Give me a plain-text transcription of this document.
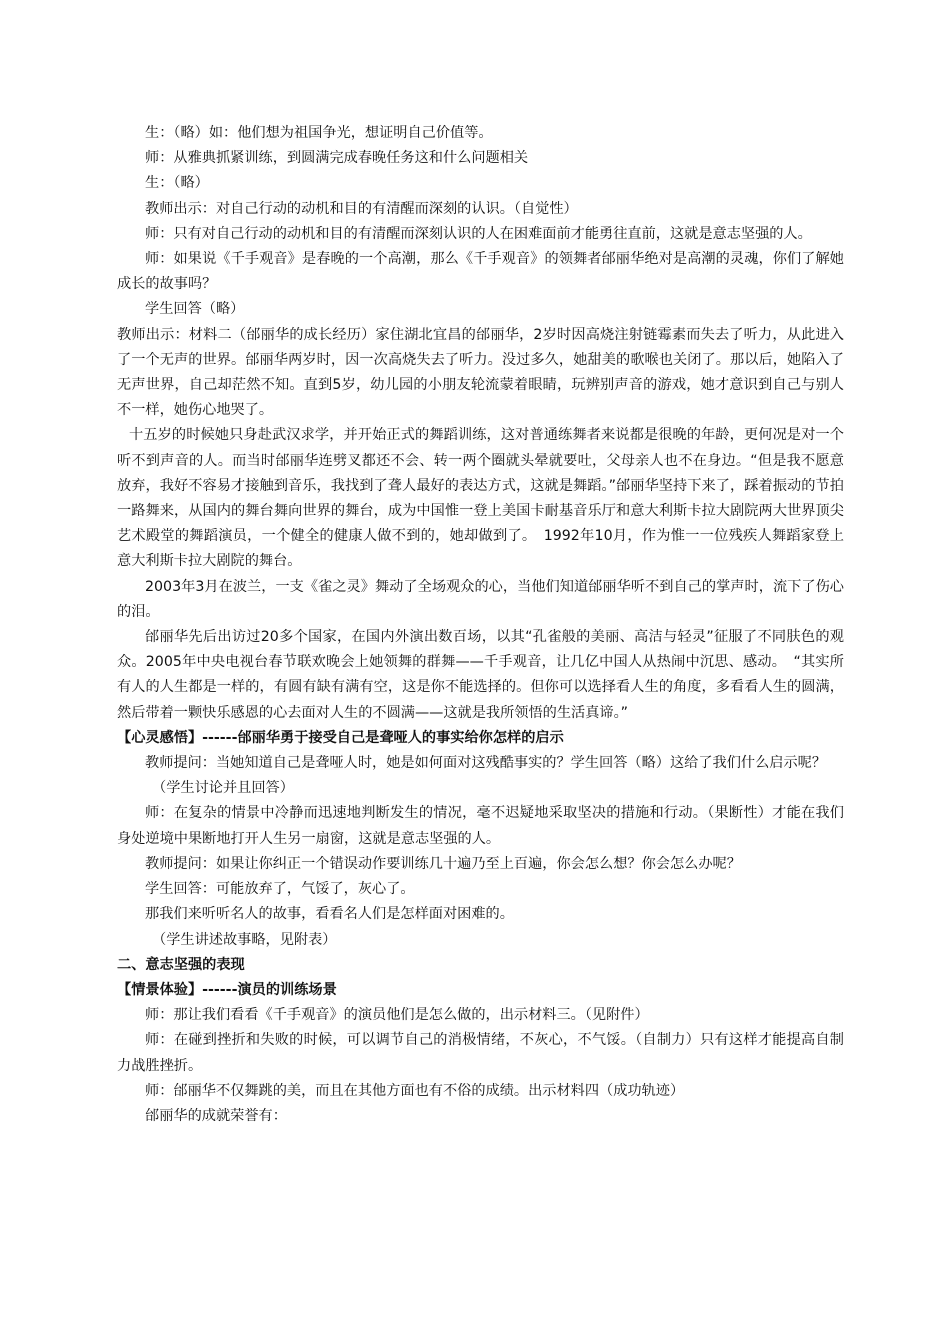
生：（略）如：他们想为祖国争光，想证明自己价值等。

师：从雅典抓紧训练，到圆满完成春晚任务这和什么问题相关

生：（略）

教师出示：对自己行动的动机和目的有清醒而深刻的认识。（自觉性）

师：只有对自己行动的动机和目的有清醒而深刻认识的人在困难面前才能勇往直前，这就是意志坚强的人。

师：如果说《千手观音》是春晚的一个高潮，那么《千手观音》的领舞者邰丽华绝对是高潮的灵魂，你们了解她成长的故事吗？

学生回答（略）

教师出示：材料二（邰丽华的成长经历）家住湖北宜昌的邰丽华，2岁时因高烧注射链霉素而失去了听力，从此进入了一个无声的世界。邰丽华两岁时，因一次高烧失去了听力。没过多久，她甜美的歌喉也关闭了。那以后，她陷入了无声世界，自己却茫然不知。直到5岁，幼儿园的小朋友轮流蒙着眼睛，玩辨别声音的游戏，她才意识到自己与别人不一样，她伤心地哭了。

十五岁的时候她只身赴武汉求学，并开始正式的舞蹈训练，这对普通练舞者来说都是很晚的年龄，更何况是对一个听不到声音的人。而当时邰丽华连劈叉都还不会、转一两个圈就头晕就要吐，父母亲人也不在身边。“但是我不愿意放弃，我好不容易才接触到音乐，我找到了聋人最好的表达方式，这就是舞蹈。”邰丽华坚持下来了，踩着振动的节拍一路舞来，从国内的舞台舞向世界的舞台，成为中国惟一登上美国卡耐基音乐厅和意大利斯卡拉大剧院两大世界顶尖艺术殿堂的舞蹈演员，一个健全的健康人做不到的，她却做到了。　1992年10月，作为惟一一位残疾人舞蹈家登上意大利斯卡拉大剧院的舞台。

2003年3月在波兰，一支《雀之灵》舞动了全场观众的心，当他们知道邰丽华听不到自己的掌声时，流下了伤心的泪。

邰丽华先后出访过20多个国家，在国内外演出数百场，以其“孔雀般的美丽、高洁与轻灵”征服了不同肤色的观众。2005年中央电视台春节联欢晚会上她领舞的群舞——千手观音，让几亿中国人从热闹中沉思、感动。　“其实所有人的人生都是一样的，有圆有缺有满有空，这是你不能选择的。但你可以选择看人生的角度，多看看人生的圆满，然后带着一颗快乐感恩的心去面对人生的不圆满——这就是我所领悟的生活真谛。”

【心灵感悟】------邰丽华勇于接受自己是聋哑人的事实给你怎样的启示

教师提问：当她知道自己是聋哑人时，她是如何面对这残酷事实的？学生回答（略）这给了我们什么启示呢？

（学生讨论并且回答）

师：在复杂的情景中冷静而迅速地判断发生的情况，毫不迟疑地采取坚决的措施和行动。（果断性）才能在我们身处逆境中果断地打开人生另一扇窗，这就是意志坚强的人。

教师提问：如果让你纠正一个错误动作要训练几十遍乃至上百遍，你会怎么想？你会怎么办呢？

学生回答：可能放弃了，气馁了，灰心了。

那我们来听听名人的故事，看看名人们是怎样面对困难的。

（学生讲述故事略，见附表）

二、意志坚强的表现

【情景体验】------演员的训练场景

师：那让我们看看《千手观音》的演员他们是怎么做的，出示材料三。（见附件）

师：在碰到挫折和失败的时候，可以调节自己的消极情绪，不灰心，不气馁。（自制力）只有这样才能提高自制力战胜挫折。

师：邰丽华不仅舞跳的美，而且在其他方面也有不俗的成绩。出示材料四（成功轨迹）

邰丽华的成就荣誉有：
